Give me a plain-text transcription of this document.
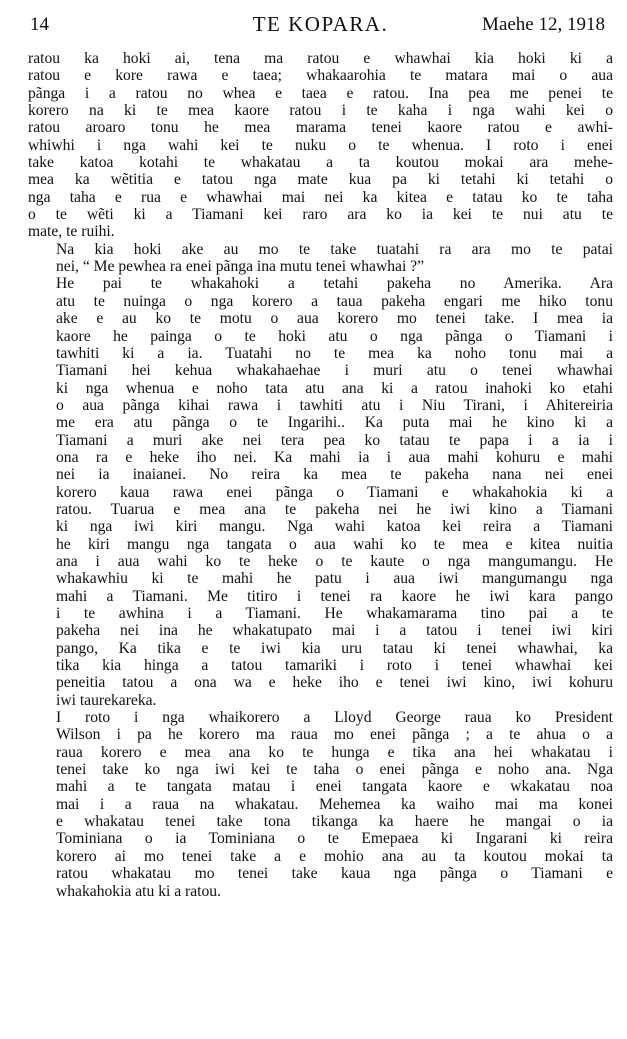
14	TE KOPARA.	Maehe 12, 1918

ratou ka hoki ai, tena ma ratou e whawhai kia hoki ki a
ratou e kore rawa e taea; whakaarohia te matara mai o aua
pãnga i a ratou no whea e taea e ratou. Ina pea me penei te
korero na ki te mea kaore ratou i te kaha i nga wahi kei o
ratou aroaro tonu he mea marama tenei kaore ratou e awhi-
whiwhi i nga wahi kei te nuku o te whenua. I roto i enei
take katoa kotahi te whakatau a ta koutou mokai ara mehe-
mea ka wẽtitia e tatou nga mate kua pa ki tetahi ki tetahi o
nga taha e rua e whawhai mai nei ka kitea e tatau ko te taha
o te wẽti ki a Tiamani kei raro ara ko ia kei te nui atu te
mate, te ruihi.

Na kia hoki ake au mo te take tuatahi ra ara mo te patai
nei, “ Me pewhea ra enei pãnga ina mutu tenei whawhai ?”

He pai te whakahoki a tetahi pakeha no Amerika. Ara
atu te nuinga o nga korero a taua pakeha engari me hiko tonu
ake e au ko te motu o aua korero mo tenei take. I mea ia
kaore he painga o te hoki atu o nga pãnga o Tiamani i
tawhiti ki a ia. Tuatahi no te mea ka noho tonu mai a
Tiamani hei kehua whakahaehae i muri atu o tenei whawhai
ki nga whenua e noho tata atu ana ki a ratou inahoki ko etahi
o aua pãnga kihai rawa i tawhiti atu i Niu Tirani, i Ahitereiria
me era atu pãnga o te Ingarihi.. Ka puta mai he kino ki a
Tiamani a muri ake nei tera pea ko tatau te papa i a ia i
ona ra e heke iho nei. Ka mahi ia i aua mahi kohuru e mahi
nei ia inaianei. No reira ka mea te pakeha nana nei enei
korero kaua rawa enei pãnga o Tiamani e whakahokia ki a
ratou. Tuarua e mea ana te pakeha nei he iwi kino a Tiamani
ki nga iwi kiri mangu. Nga wahi katoa kei reira a Tiamani
he kiri mangu nga tangata o aua wahi ko te mea e kitea nuitia
ana i aua wahi ko te heke o te kaute o nga mangumangu. He
whakawhiu ki te mahi he patu i aua iwi mangumangu nga
mahi a Tiamani. Me titiro i tenei ra kaore he iwi kara pango
i te awhina i a Tiamani. He whakamarama tino pai a te
pakeha nei ina he whakatupato mai i a tatou i tenei iwi kiri
pango, Ka tika e te iwi kia uru tatau ki tenei whawhai, ka
tika kia hinga a tatou tamariki i roto i tenei whawhai kei
peneitia tatou a ona wa e heke iho e tenei iwi kino, iwi kohuru
iwi taurekareka.

I roto i nga whaikorero a Lloyd George raua ko President
Wilson i pa he korero ma raua mo enei pãnga ; a te ahua o a
raua korero e mea ana ko te hunga e tika ana hei whakatau i
tenei take ko nga iwi kei te taha o enei pãnga e noho ana. Nga
mahi a te tangata matau i enei tangata kaore e wkakatau noa
mai i a raua na whakatau. Mehemea ka waiho mai ma konei
e whakatau tenei take tona tikanga ka haere he mangai o ia
Tominiana o ia Tominiana o te Emepaea ki Ingarani ki reira
korero ai mo tenei take a e mohio ana au ta koutou mokai ta
ratou whakatau mo tenei take kaua nga pãnga o Tiamani e
whakahokia atu ki a ratou.
